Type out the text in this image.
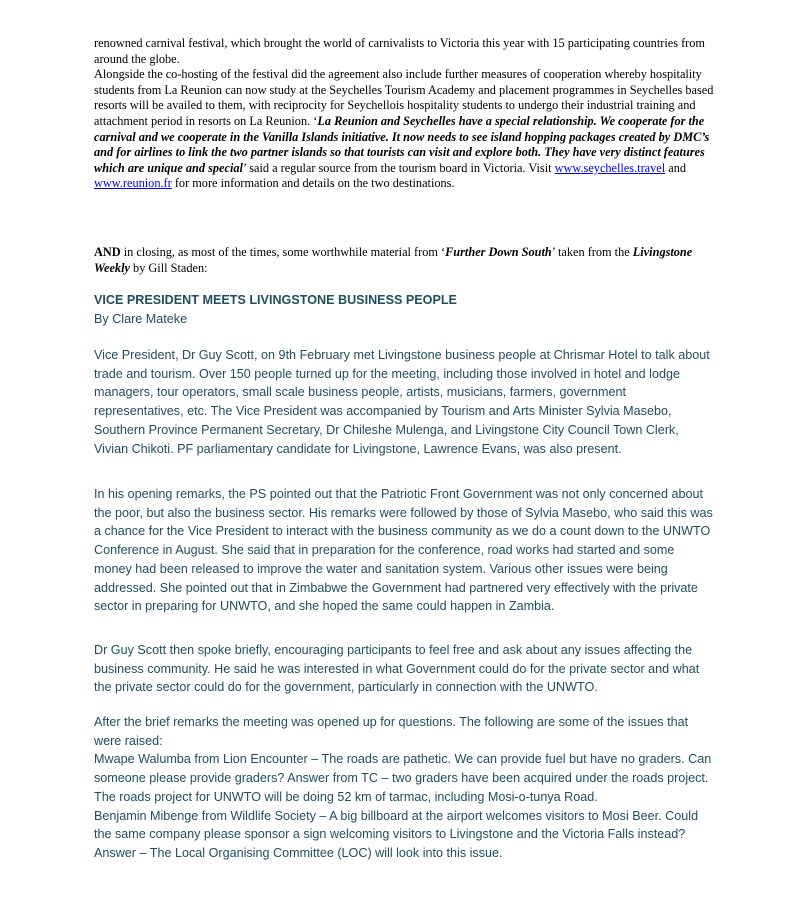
renowned carnival festival, which brought the world of carnivalists to Victoria this year with 15 participating countries from around the globe.
Alongside the co-hosting of the festival did the agreement also include further measures of cooperation whereby hospitality students from La Reunion can now study at the Seychelles Tourism Academy and placement programmes in Seychelles based resorts will be availed to them, with reciprocity for Seychellois hospitality students to undergo their industrial training and attachment period in resorts on La Reunion. ‘La Reunion and Seychelles have a special relationship. We cooperate for the carnival and we cooperate in the Vanilla Islands initiative. It now needs to see island hopping packages created by DMC’s and for airlines to link the two partner islands so that tourists can visit and explore both. They have very distinct features which are unique and special’ said a regular source from the tourism board in Victoria. Visit www.seychelles.travel and www.reunion.fr for more information and details on the two destinations.

AND in closing, as most of the times, some worthwhile material from ‘Further Down South’ taken from the Livingstone Weekly by Gill Staden:

VICE PRESIDENT MEETS LIVINGSTONE BUSINESS PEOPLE
By Clare Mateke

Vice President, Dr Guy Scott, on 9th February met Livingstone business people at Chrismar Hotel to talk about trade and tourism. Over 150 people turned up for the meeting, including those involved in hotel and lodge managers, tour operators, small scale business people, artists, musicians, farmers, government representatives, etc. The Vice President was accompanied by Tourism and Arts Minister Sylvia Masebo, Southern Province Permanent Secretary, Dr Chileshe Mulenga, and Livingstone City Council Town Clerk, Vivian Chikoti. PF parliamentary candidate for Livingstone, Lawrence Evans, was also present.

In his opening remarks, the PS pointed out that the Patriotic Front Government was not only concerned about the poor, but also the business sector. His remarks were followed by those of Sylvia Masebo, who said this was a chance for the Vice President to interact with the business community as we do a count down to the UNWTO Conference in August. She said that in preparation for the conference, road works had started and some money had been released to improve the water and sanitation system. Various other issues were being addressed. She pointed out that in Zimbabwe the Government had partnered very effectively with the private sector in preparing for UNWTO, and she hoped the same could happen in Zambia.

Dr Guy Scott then spoke briefly, encouraging participants to feel free and ask about any issues affecting the business community. He said he was interested in what Government could do for the private sector and what the private sector could do for the government, particularly in connection with the UNWTO.

After the brief remarks the meeting was opened up for questions. The following are some of the issues that were raised:
Mwape Walumba from Lion Encounter – The roads are pathetic. We can provide fuel but have no graders. Can someone please provide graders? Answer from TC – two graders have been acquired under the roads project. The roads project for UNWTO will be doing 52 km of tarmac, including Mosi-o-tunya Road.
Benjamin Mibenge from Wildlife Society – A big billboard at the airport welcomes visitors to Mosi Beer. Could the same company please sponsor a sign welcoming visitors to Livingstone and the Victoria Falls instead? Answer – The Local Organising Committee (LOC) will look into this issue.
